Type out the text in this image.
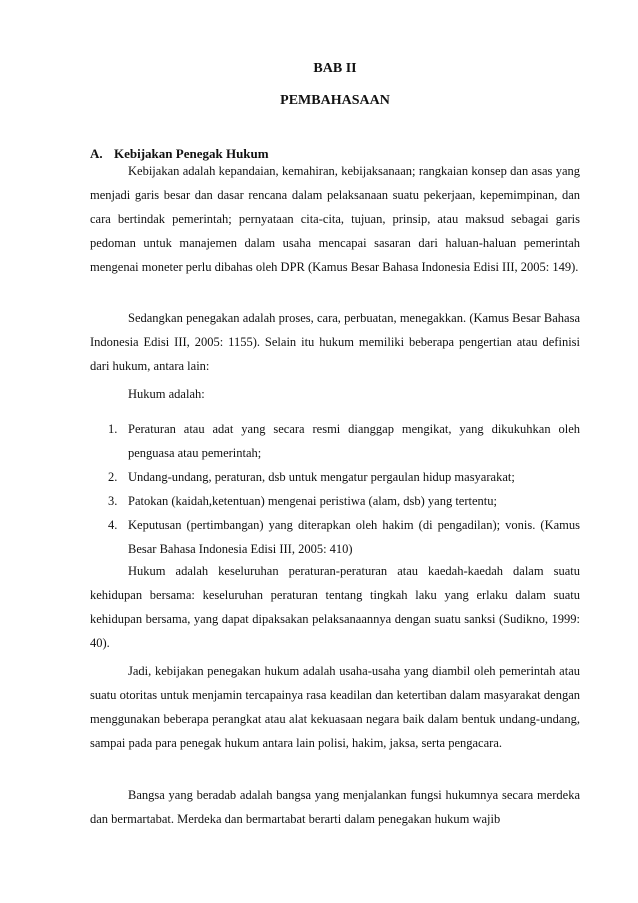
BAB II
PEMBAHASAAN
A. Kebijakan Penegak Hukum

Kebijakan adalah kepandaian, kemahiran, kebijaksanaan; rangkaian konsep dan asas yang menjadi garis besar dan dasar rencana dalam pelaksanaan suatu pekerjaan, kepemimpinan, dan cara bertindak pemerintah; pernyataan cita-cita, tujuan, prinsip, atau maksud sebagai garis pedoman untuk manajemen dalam usaha mencapai sasaran dari haluan-haluan pemerintah mengenai moneter perlu dibahas oleh DPR (Kamus Besar Bahasa Indonesia Edisi III, 2005: 149).

Sedangkan penegakan adalah proses, cara, perbuatan, menegakkan. (Kamus Besar Bahasa Indonesia Edisi III, 2005: 1155). Selain itu hukum memiliki beberapa pengertian atau definisi dari hukum, antara lain:

Hukum adalah:

1. Peraturan atau adat yang secara resmi dianggap mengikat, yang dikukuhkan oleh penguasa atau pemerintah;
2. Undang-undang, peraturan, dsb untuk mengatur pergaulan hidup masyarakat;
3. Patokan (kaidah,ketentuan) mengenai peristiwa (alam, dsb) yang tertentu;
4. Keputusan (pertimbangan) yang diterapkan oleh hakim (di pengadilan); vonis. (Kamus Besar Bahasa Indonesia Edisi III, 2005: 410)

Hukum adalah keseluruhan peraturan-peraturan atau kaedah-kaedah dalam suatu kehidupan bersama: keseluruhan peraturan tentang tingkah laku yang erlaku dalam suatu kehidupan bersama, yang dapat dipaksakan pelaksanaannya dengan suatu sanksi (Sudikno, 1999: 40).

Jadi, kebijakan penegakan hukum adalah usaha-usaha yang diambil oleh pemerintah atau suatu otoritas untuk menjamin tercapainya rasa keadilan dan ketertiban dalam masyarakat dengan menggunakan beberapa perangkat atau alat kekuasaan negara baik dalam bentuk undang-undang, sampai pada para penegak hukum antara lain polisi, hakim, jaksa, serta pengacara.

Bangsa yang beradab adalah bangsa yang menjalankan fungsi hukumnya secara merdeka dan bermartabat. Merdeka dan bermartabat berarti dalam penegakan hukum wajib
